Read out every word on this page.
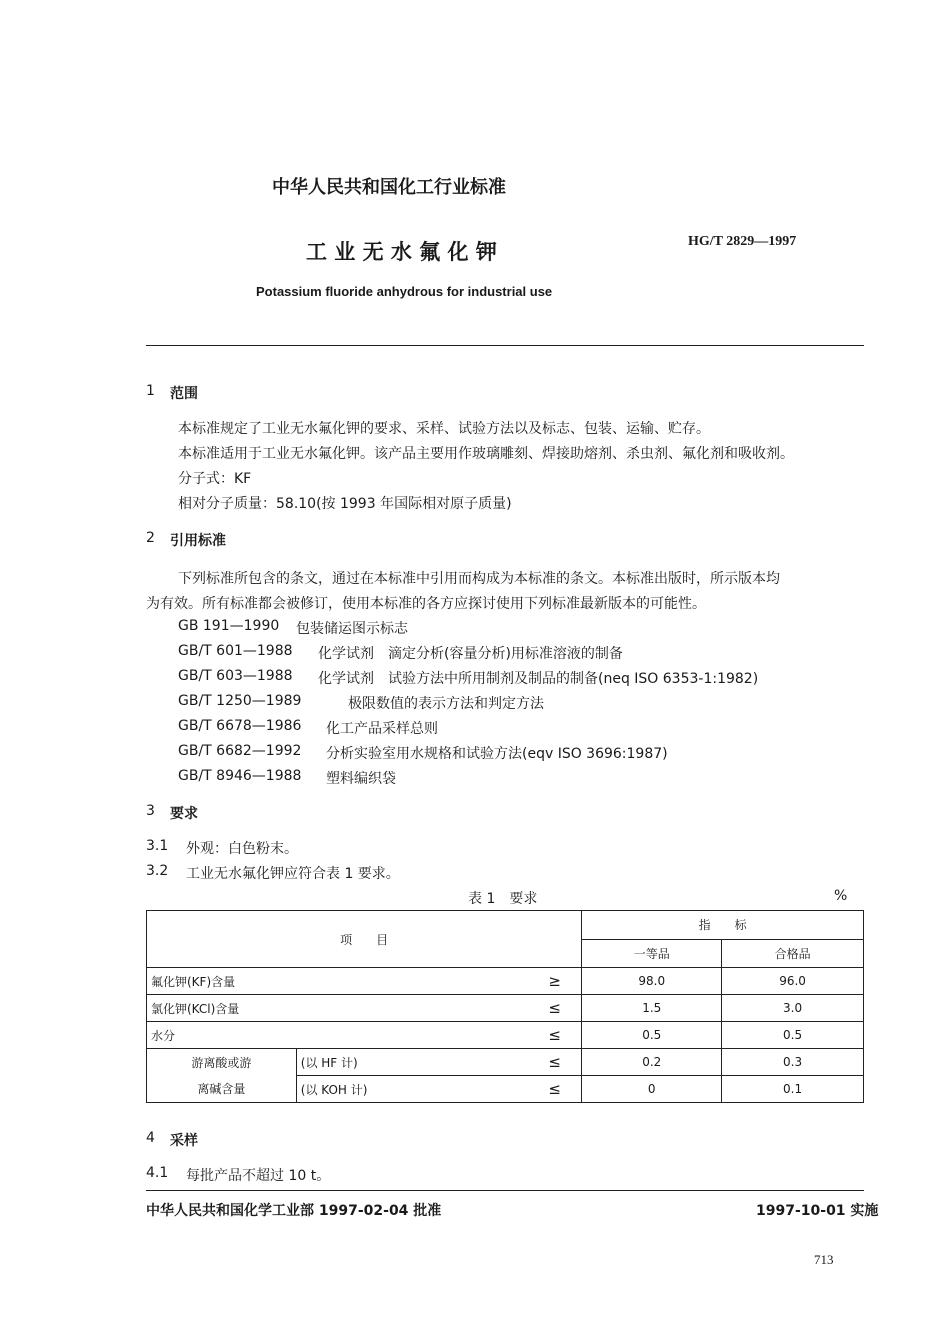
中华人民共和国化工行业标准
工 业 无 水 氟 化 钾	HG/T 2829—1997
Potassium fluoride anhydrous for industrial use
1 范围
本标准规定了工业无水氟化钾的要求、采样、试验方法以及标志、包装、运输、贮存。
本标准适用于工业无水氟化钾。该产品主要用作玻璃雕刻、焊接助熔剂、杀虫剂、氟化剂和吸收剂。
分子式：KF
相对分子质量：58.10(按 1993 年国际相对原子质量)
2 引用标准
下列标准所包含的条文，通过在本标准中引用而构成为本标准的条文。本标准出版时，所示版本均
为有效。所有标准都会被修订，使用本标准的各方应探讨使用下列标准最新版本的可能性。
GB 191—1990 包装储运图示标志
GB/T 601—1988 化学试剂　滴定分析(容量分析)用标准溶液的制备
GB/T 603—1988 化学试剂　试验方法中所用制剂及制品的制备(neq ISO 6353-1:1982)
GB/T 1250—1989	极限数值的表示方法和判定方法
GB/T 6678—1986 化工产品采样总则
GB/T 6682—1992 分析实验室用水规格和试验方法(eqv ISO 3696:1987)
GB/T 8946—1988 塑料编织袋
3 要求
3.1 外观：白色粉末。
3.2 工业无水氟化钾应符合表 1 要求。
表 1　要求	%
项　　目			指　　标	
			一等品	合格品
氟化钾(KF)含量		≥	98.0	96.0
氯化钾(KCl)含量		≤	1.5	3.0
水分		≤	0.5	0.5

游离酸或游
离碱含量	(以 HF 计)	≤	0.2	0.3
	(以 KOH 计)	≤	0	0.1
4 采样
4.1 每批产品不超过 10 t。
中华人民共和国化学工业部 1997-02-04 批准	1997-10-01 实施
713
